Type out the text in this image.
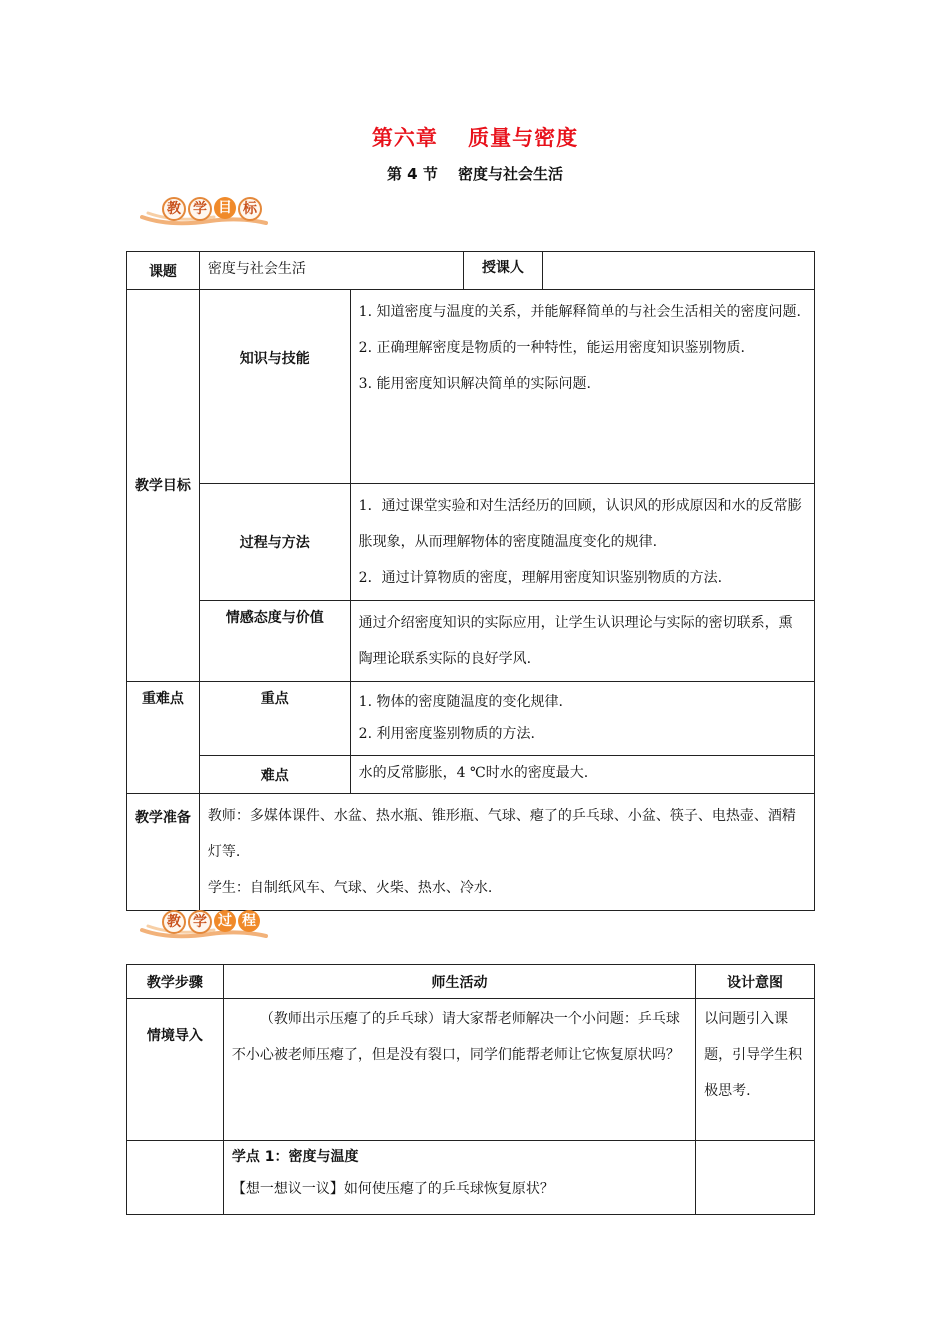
第六章　 质量与密度
第 4 节　 密度与社会生活
教 学 目 标
课题	密度与社会生活		授课人	
教学目标	知识与技能	1. 知道密度与温度的关系，并能解释简单的与社会生活相关的密度问题.

2. 正确理解密度是物质的一种特性，能运用密度知识鉴别物质.

3. 能用密度知识解决简单的实际问题.		

	过程与方法	1．通过课堂实验和对生活经历的回顾，认识风的形成原因和水的反常膨胀现象，从而理解物体的密度随温度变化的规律.

2．通过计算物质的密度，理解用密度知识鉴别物质的方法.		

	情感态度与价值	通过介绍密度知识的实际应用，让学生认识理论与实际的密切联系，熏陶理论联系实际的良好学风.		

重难点	重点	1. 物体的密度随温度的变化规律.

2. 利用密度鉴别物质的方法.		

	难点	水的反常膨胀，4 ℃时水的密度最大.		

教学准备	教师：多媒体课件、水盆、热水瓶、锥形瓶、气球、瘪了的乒乓球、小盆、筷子、电热壶、酒精灯等.

学生：自制纸风车、气球、火柴、热水、冷水.			

教 学 过 程
教学步骤	师生活动	设计意图
情境导入	（教师出示压瘪了的乒乓球）请大家帮老师解决一个小问题：乒乓球不小心被老师压瘪了，但是没有裂口，同学们能帮老师让它恢复原状吗？	以问题引入课题，引导学生积极思考.

	学点 1：密度与温度

【想一想议一议】如何使压瘪了的乒乓球恢复原状？	
